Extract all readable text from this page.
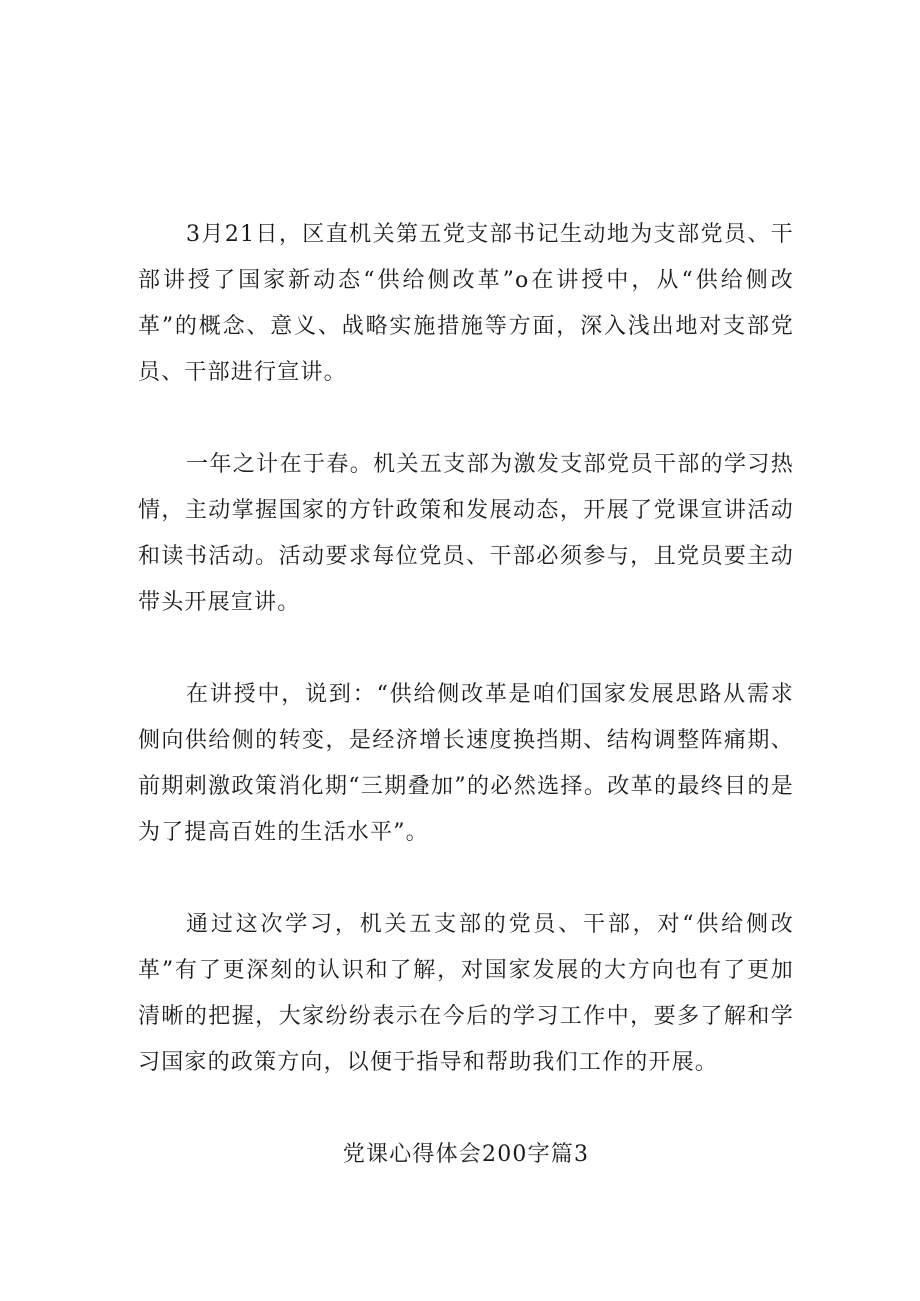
3月21日，区直机关第五党支部书记生动地为支部党员、干部讲授了国家新动态“供给侧改革”o在讲授中，从“供给侧改革”的概念、意义、战略实施措施等方面，深入浅出地对支部党员、干部进行宣讲。

一年之计在于春。机关五支部为激发支部党员干部的学习热情，主动掌握国家的方针政策和发展动态，开展了党课宣讲活动和读书活动。活动要求每位党员、干部必须参与，且党员要主动带头开展宣讲。

在讲授中，说到：“供给侧改革是咱们国家发展思路从需求侧向供给侧的转变，是经济增长速度换挡期、结构调整阵痛期、前期刺激政策消化期“三期叠加”的必然选择。改革的最终目的是为了提高百姓的生活水平”。

通过这次学习，机关五支部的党员、干部，对“供给侧改革”有了更深刻的认识和了解，对国家发展的大方向也有了更加清晰的把握，大家纷纷表示在今后的学习工作中，要多了解和学习国家的政策方向，以便于指导和帮助我们工作的开展。

党课心得体会200字篇3
